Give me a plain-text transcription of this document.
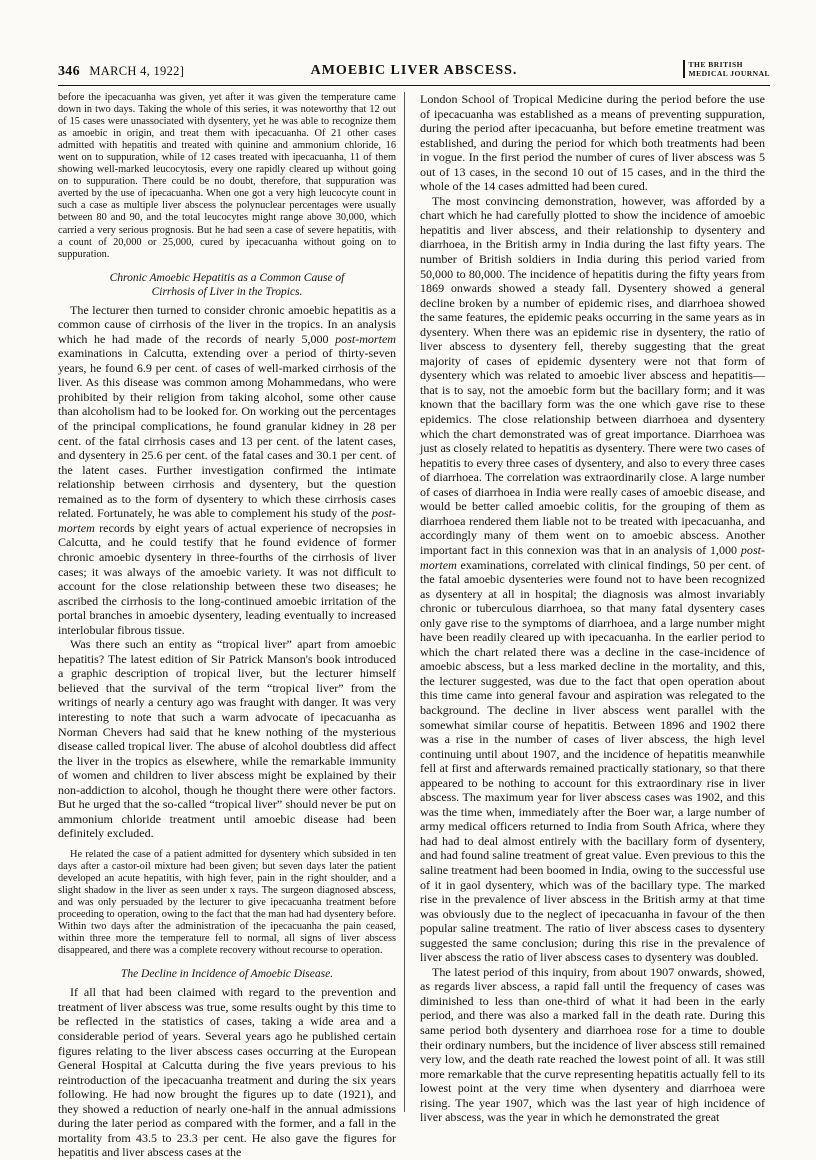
346 MARCH 4, 1922]	AMOEBIC LIVER ABSCESS.	THE BRITISH
MEDICAL JOURNAL

before the ipecacuanha was given, yet after it was given the temperature came down in two days. Taking the whole of this series, it was noteworthy that 12 out of 15 cases were unassociated with dysentery, yet he was able to recognize them as amoebic in origin, and treat them with ipecacuanha. Of 21 other cases admitted with hepatitis and treated with quinine and ammonium chloride, 16 went on to suppuration, while of 12 cases treated with ipecacuanha, 11 of them showing well-marked leucocytosis, every one rapidly cleared up without going on to suppuration. There could be no doubt, therefore, that suppuration was averted by the use of ipecacuanha. When one got a very high leucocyte count in such a case as multiple liver abscess the polynuclear percentages were usually between 80 and 90, and the total leucocytes might range above 30,000, which carried a very serious prognosis. But he had seen a case of severe hepatitis, with a count of 20,000 or 25,000, cured by ipecacuanha without going on to suppuration.

Chronic Amoebic Hepatitis as a Common Cause of
Cirrhosis of Liver in the Tropics.

The lecturer then turned to consider chronic amoebic hepatitis as a common cause of cirrhosis of the liver in the tropics. In an analysis which he had made of the records of nearly 5,000 post-mortem examinations in Calcutta, extending over a period of thirty-seven years, he found 6.9 per cent. of cases of well-marked cirrhosis of the liver. As this disease was common among Mohammedans, who were prohibited by their religion from taking alcohol, some other cause than alcoholism had to be looked for. On working out the percentages of the principal complications, he found granular kidney in 28 per cent. of the fatal cirrhosis cases and 13 per cent. of the latent cases, and dysentery in 25.6 per cent. of the fatal cases and 30.1 per cent. of the latent cases. Further investigation confirmed the intimate relationship between cirrhosis and dysentery, but the question remained as to the form of dysentery to which these cirrhosis cases related. Fortunately, he was able to complement his study of the post-mortem records by eight years of actual experience of necropsies in Calcutta, and he could testify that he found evidence of former chronic amoebic dysentery in three-fourths of the cirrhosis of liver cases; it was always of the amoebic variety. It was not difficult to account for the close relationship between these two diseases; he ascribed the cirrhosis to the long-continued amoebic irritation of the portal branches in amoebic dysentery, leading eventually to increased interlobular fibrous tissue.

Was there such an entity as “tropical liver” apart from amoebic hepatitis? The latest edition of Sir Patrick Manson's book introduced a graphic description of tropical liver, but the lecturer himself believed that the survival of the term “tropical liver” from the writings of nearly a century ago was fraught with danger. It was very interesting to note that such a warm advocate of ipecacuanha as Norman Chevers had said that he knew nothing of the mysterious disease called tropical liver. The abuse of alcohol doubtless did affect the liver in the tropics as elsewhere, while the remarkable immunity of women and children to liver abscess might be explained by their non-addiction to alcohol, though he thought there were other factors. But he urged that the so-called “tropical liver” should never be put on ammonium chloride treatment until amoebic disease had been definitely excluded.

He related the case of a patient admitted for dysentery which subsided in ten days after a castor-oil mixture had been given; but seven days later the patient developed an acute hepatitis, with high fever, pain in the right shoulder, and a slight shadow in the liver as seen under x rays. The surgeon diagnosed abscess, and was only persuaded by the lecturer to give ipecacuanha treatment before proceeding to operation, owing to the fact that the man had had dysentery before. Within two days after the administration of the ipecacuanha the pain ceased, within three more the temperature fell to normal, all signs of liver abscess disappeared, and there was a complete recovery without recourse to operation.

The Decline in Incidence of Amoebic Disease.

If all that had been claimed with regard to the prevention and treatment of liver abscess was true, some results ought by this time to be reflected in the statistics of cases, taking a wide area and a considerable period of years. Several years ago he published certain figures relating to the liver abscess cases occurring at the European General Hospital at Calcutta during the five years previous to his reintroduction of the ipecacuanha treatment and during the six years following. He had now brought the figures up to date (1921), and they showed a reduction of nearly one-half in the annual admissions during the later period as compared with the former, and a fall in the mortality from 43.5 to 23.3 per cent. He also gave the figures for hepatitis and liver abscess cases at the

London School of Tropical Medicine during the period before the use of ipecacuanha was established as a means of preventing suppuration, during the period after ipecacuanha, but before emetine treatment was established, and during the period for which both treatments had been in vogue. In the first period the number of cures of liver abscess was 5 out of 13 cases, in the second 10 out of 15 cases, and in the third the whole of the 14 cases admitted had been cured.

The most convincing demonstration, however, was afforded by a chart which he had carefully plotted to show the incidence of amoebic hepatitis and liver abscess, and their relationship to dysentery and diarrhoea, in the British army in India during the last fifty years. The number of British soldiers in India during this period varied from 50,000 to 80,000. The incidence of hepatitis during the fifty years from 1869 onwards showed a steady fall. Dysentery showed a general decline broken by a number of epidemic rises, and diarrhoea showed the same features, the epidemic peaks occurring in the same years as in dysentery. When there was an epidemic rise in dysentery, the ratio of liver abscess to dysentery fell, thereby suggesting that the great majority of cases of epidemic dysentery were not that form of dysentery which was related to amoebic liver abscess and hepatitis—that is to say, not the amoebic form but the bacillary form; and it was known that the bacillary form was the one which gave rise to these epidemics. The close relationship between diarrhoea and dysentery which the chart demonstrated was of great importance. Diarrhoea was just as closely related to hepatitis as dysentery. There were two cases of hepatitis to every three cases of dysentery, and also to every three cases of diarrhoea. The correlation was extraordinarily close. A large number of cases of diarrhoea in India were really cases of amoebic disease, and would be better called amoebic colitis, for the grouping of them as diarrhoea rendered them liable not to be treated with ipecacuanha, and accordingly many of them went on to amoebic abscess. Another important fact in this connexion was that in an analysis of 1,000 post-mortem examinations, correlated with clinical findings, 50 per cent. of the fatal amoebic dysenteries were found not to have been recognized as dysentery at all in hospital; the diagnosis was almost invariably chronic or tuberculous diarrhoea, so that many fatal dysentery cases only gave rise to the symptoms of diarrhoea, and a large number might have been readily cleared up with ipecacuanha. In the earlier period to which the chart related there was a decline in the case-incidence of amoebic abscess, but a less marked decline in the mortality, and this, the lecturer suggested, was due to the fact that open operation about this time came into general favour and aspiration was relegated to the background. The decline in liver abscess went parallel with the somewhat similar course of hepatitis. Between 1896 and 1902 there was a rise in the number of cases of liver abscess, the high level continuing until about 1907, and the incidence of hepatitis meanwhile fell at first and afterwards remained practically stationary, so that there appeared to be nothing to account for this extraordinary rise in liver abscess. The maximum year for liver abscess cases was 1902, and this was the time when, immediately after the Boer war, a large number of army medical officers returned to India from South Africa, where they had had to deal almost entirely with the bacillary form of dysentery, and had found saline treatment of great value. Even previous to this the saline treatment had been boomed in India, owing to the successful use of it in gaol dysentery, which was of the bacillary type. The marked rise in the prevalence of liver abscess in the British army at that time was obviously due to the neglect of ipecacuanha in favour of the then popular saline treatment. The ratio of liver abscess cases to dysentery suggested the same conclusion; during this rise in the prevalence of liver abscess the ratio of liver abscess cases to dysentery was doubled.

The latest period of this inquiry, from about 1907 onwards, showed, as regards liver abscess, a rapid fall until the frequency of cases was diminished to less than one-third of what it had been in the early period, and there was also a marked fall in the death rate. During this same period both dysentery and diarrhoea rose for a time to double their ordinary numbers, but the incidence of liver abscess still remained very low, and the death rate reached the lowest point of all. It was still more remarkable that the curve representing hepatitis actually fell to its lowest point at the very time when dysentery and diarrhoea were rising. The year 1907, which was the last year of high incidence of liver abscess, was the year in which he demonstrated the great
